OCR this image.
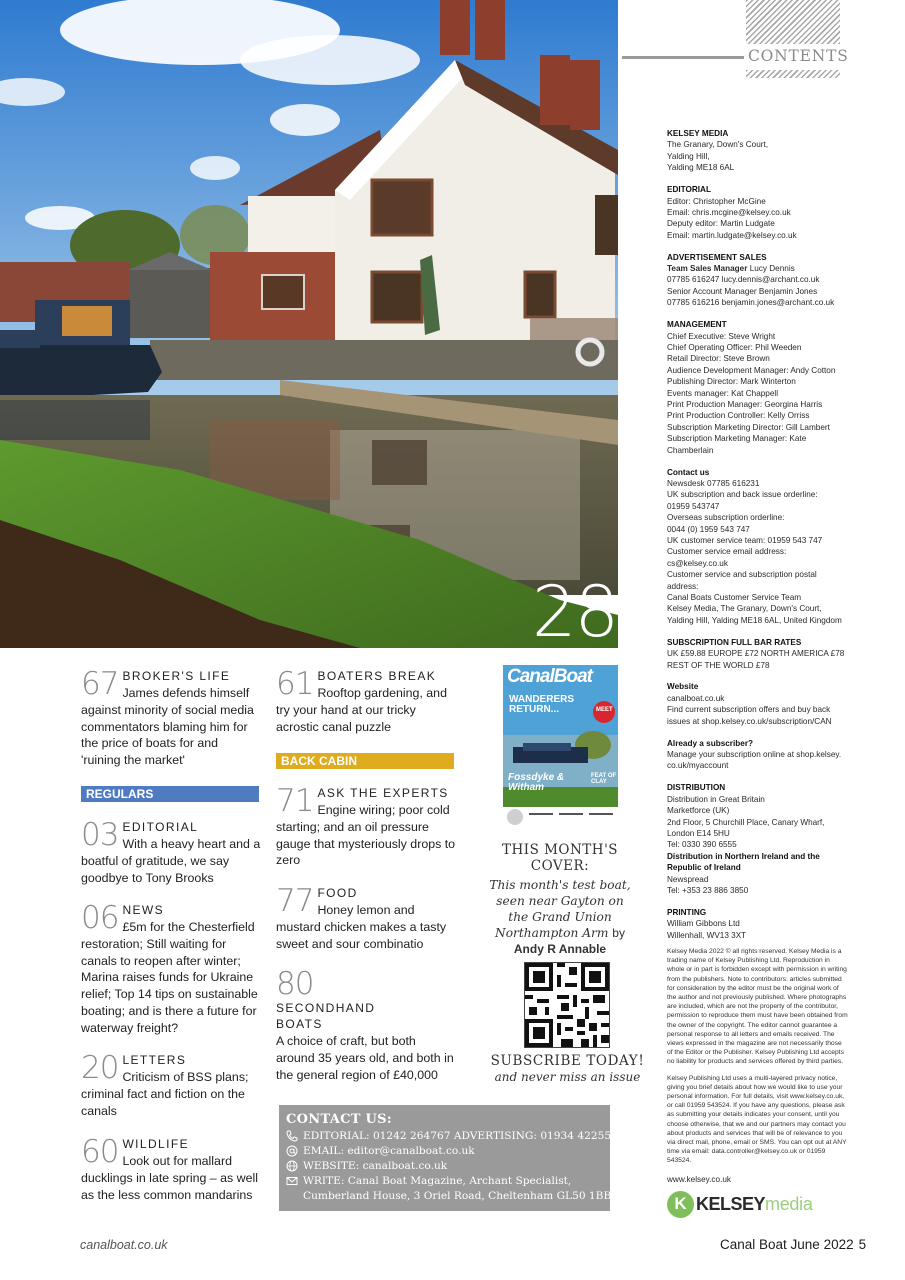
28
CONTENTS
67 BROKER'S LIFE
James defends himself against minority of social media commentators blaming him for the price of boats for and 'ruining the market'
REGULARS
03 EDITORIAL
With a heavy heart and a boatful of gratitude, we say goodbye to Tony Brooks
06 NEWS
£5m for the Chesterfield restoration; Still waiting for canals to reopen after winter; Marina raises funds for Ukraine relief; Top 14 tips on sustainable boating; and is there a future for waterway freight?
20 LETTERS
Criticism of BSS plans; criminal fact and fiction on the canals
60 WILDLIFE
Look out for mallard ducklings in late spring – as well as the less common mandarins
61 BOATERS BREAK
Rooftop gardening, and try your hand at our tricky acrostic canal puzzle
BACK CABIN
71 ASK THE EXPERTS
Engine wiring; poor cold starting; and an oil pressure gauge that mysteriously drops to zero
77 FOOD
Honey lemon and mustard chicken makes a tasty sweet and sour combinatio
80
SECONDHAND BOATS
A choice of craft, but both around 35 years old, and both in the general region of £40,000
CanalBoat
WANDERERS RETURN...	MEET
Fossdyke & Witham
FEAT OF CLAY
THIS MONTH'S COVER:
This month's test boat, seen near Gayton on the Grand Union Northampton Arm by Andy R Annable
SUBSCRIBE TODAY!
and never miss an issue
CONTACT US:
EDITORIAL: 01242 264767 ADVERTISING: 01934 422559
EMAIL: editor@canalboat.co.uk
WEBSITE: canalboat.co.uk
WRITE: Canal Boat Magazine, Archant Specialist,
Cumberland House, 3 Oriel Road, Cheltenham GL50 1BB
KELSEY MEDIA
The Granary, Down's Court,
Yalding Hill,
Yalding ME18 6AL
EDITORIAL
Editor: Christopher McGine
Email: chris.mcgine@kelsey.co.uk
Deputy editor: Martin Ludgate
Email: martin.ludgate@kelsey.co.uk
ADVERTISEMENT SALES
Team Sales Manager Lucy Dennis
07785 616247 lucy.dennis@archant.co.uk
Senior Account Manager Benjamin Jones
07785 616216 benjamin.jones@archant.co.uk
MANAGEMENT
Chief Executive: Steve Wright
Chief Operating Officer: Phil Weeden
Retail Director: Steve Brown
Audience Development Manager: Andy Cotton
Publishing Director: Mark Winterton
Events manager: Kat Chappell
Print Production Manager: Georgina Harris
Print Production Controller: Kelly Orriss
Subscription Marketing Director: Gill Lambert
Subscription Marketing Manager: Kate
Chamberlain
Contact us
Newsdesk 07785 616231
UK subscription and back issue orderline:
01959 543747
Overseas subscription orderline:
0044 (0) 1959 543 747
UK customer service team: 01959 543 747
Customer service email address: cs@kelsey.co.uk
Customer service and subscription postal
address:
Canal Boats Customer Service Team
Kelsey Media, The Granary, Down's Court,
Yalding Hill, Yalding ME18 6AL, United Kingdom
SUBSCRIPTION FULL BAR RATES
UK £59.88 EUROPE £72 NORTH AMERICA £78
REST OF THE WORLD £78
Website
canalboat.co.uk
Find current subscription offers and buy back
issues at shop.kelsey.co.uk/subscription/CAN
Already a subscriber?
Manage your subscription online at shop.kelsey.
co.uk/myaccount
DISTRIBUTION
Distribution in Great Britain
Marketforce (UK)
2nd Floor, 5 Churchill Place, Canary Wharf,
London E14 5HU
Tel: 0330 390 6555
Distribution in Northern Ireland and the Republic of Ireland
Newspread
Tel: +353 23 886 3850
PRINTING
William Gibbons Ltd
Willenhall, WV13 3XT

Kelsey Media 2022 © all rights reserved. Kelsey Media is a trading name of Kelsey Publishing Ltd. Reproduction in whole or in part is forbidden except with permission in writing from the publishers. Note to contributors: articles submitted for consideration by the editor must be the original work of the author and not previously published. Where photographs are included, which are not the property of the contributor, permission to reproduce them must have been obtained from the owner of the copyright. The editor cannot guarantee a personal response to all letters and emails received. The views expressed in the magazine are not necessarily those of the Editor or the Publisher. Kelsey Publishing Ltd accepts no liability for products and services offered by third parties.

Kelsey Publishing Ltd uses a multi-layered privacy notice, giving you brief details about how we would like to use your personal information. For full details, visit www.kelsey.co.uk, or call 01959 543524. If you have any questions, please ask as submitting your details indicates your consent, until you choose otherwise, that we and our partners may contact you about products and services that will be of relevance to you via direct mail, phone, email or SMS. You can opt out at ANY time via email: data.controller@kelsey.co.uk or 01959 543524.

www.kelsey.co.uk
K KELSEY media
canalboat.co.uk	Canal Boat June 2022 5
